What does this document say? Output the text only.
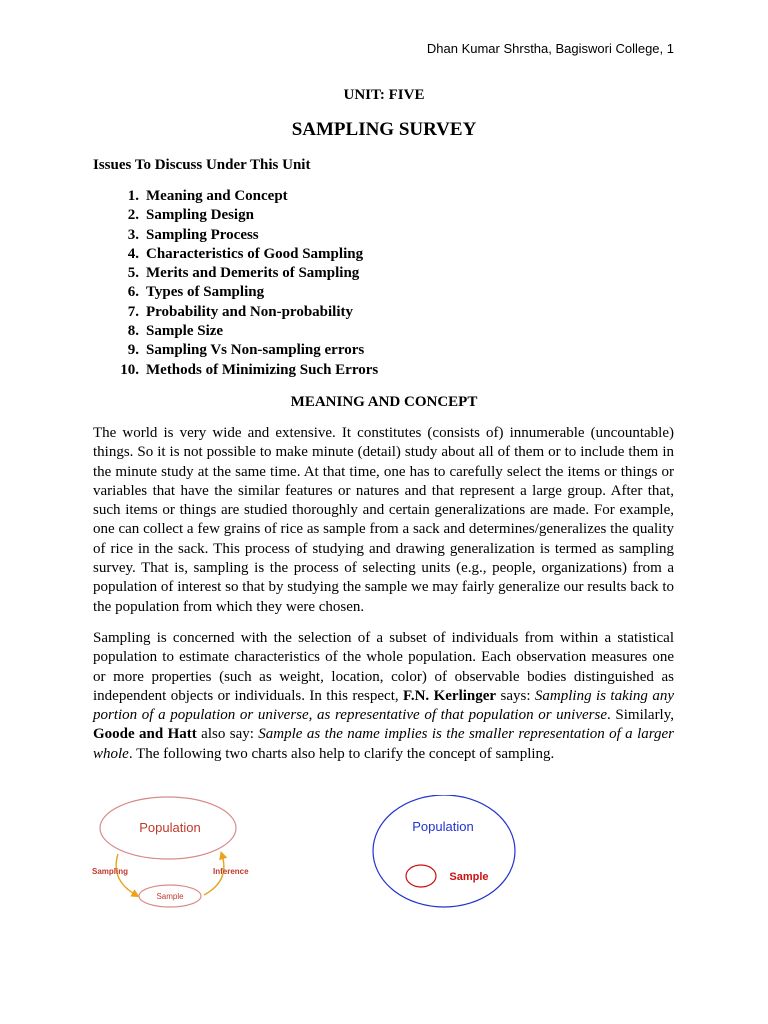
Dhan Kumar Shrstha, Bagiswori College, 1
UNIT: FIVE
SAMPLING SURVEY
Issues To Discuss Under This Unit
1. Meaning and Concept
2. Sampling Design
3. Sampling Process
4. Characteristics of Good Sampling
5. Merits and Demerits of Sampling
6. Types of Sampling
7. Probability and Non-probability
8. Sample Size
9. Sampling Vs Non-sampling errors
10. Methods of Minimizing Such Errors
MEANING AND CONCEPT

The world is very wide and extensive. It constitutes (consists of) innumerable (uncountable) things. So it is not possible to make minute (detail) study about all of them or to include them in the minute study at the same time. At that time, one has to carefully select the items or things or variables that have the similar features or natures and that represent a large group. After that, such items or things are studied thoroughly and certain generalizations are made. For example, one can collect a few grains of rice as sample from a sack and determines/generalizes the quality of rice in the sack. This process of studying and drawing generalization is termed as sampling survey. That is, sampling is the process of selecting units (e.g., people, organizations) from a population of interest so that by studying the sample we may fairly generalize our results back to the population from which they were chosen.

Sampling is concerned with the selection of a subset of individuals from within a statistical population to estimate characteristics of the whole population. Each observation measures one or more properties (such as weight, location, color) of observable bodies distinguished as independent objects or individuals. In this respect, F.N. Kerlinger says: Sampling is taking any portion of a population or universe, as representative of that population or universe. Similarly, Goode and Hatt also say: Sample as the name implies is the smaller representation of a larger whole. The following two charts also help to clarify the concept of sampling.

Population
Sample
Sampling	Inference
Population
Sample
